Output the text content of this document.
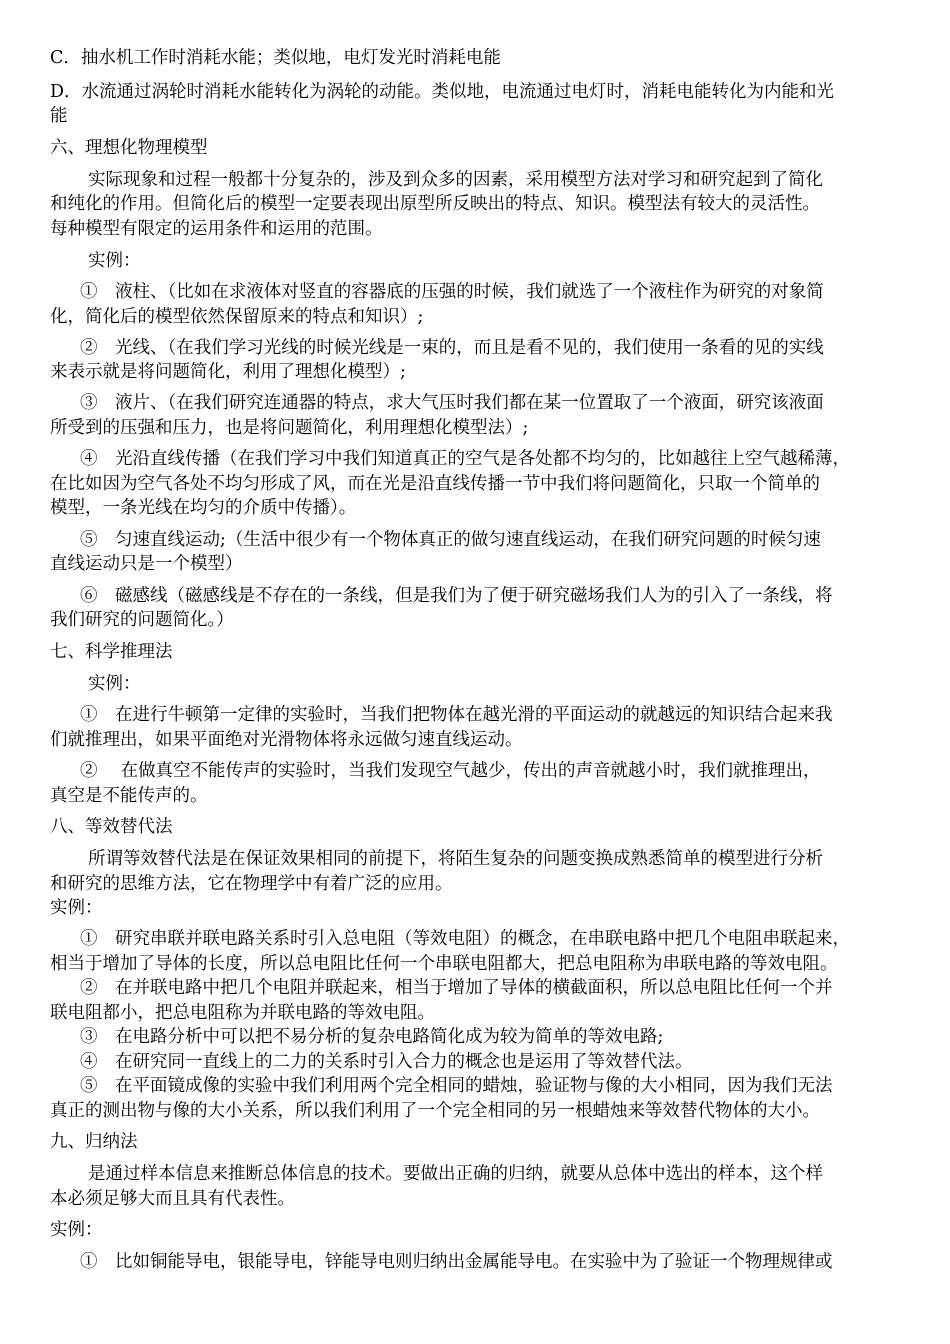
C．抽水机工作时消耗水能；类似地，电灯发光时消耗电能
D．水流通过涡轮时消耗水能转化为涡轮的动能。类似地，电流通过电灯时，消耗电能转化为内能和光
能
六、理想化物理模型
实际现象和过程一般都十分复杂的，涉及到众多的因素，采用模型方法对学习和研究起到了简化
和纯化的作用。但简化后的模型一定要表现出原型所反映出的特点、知识。模型法有较大的灵活性。
每种模型有限定的运用条件和运用的范围。
实例：
①　液柱、（比如在求液体对竖直的容器底的压强的时候，我们就选了一个液柱作为研究的对象简
化，简化后的模型依然保留原来的特点和知识）;
②　光线、（在我们学习光线的时候光线是一束的，而且是看不见的，我们使用一条看的见的实线
来表示就是将问题简化，利用了理想化模型）;
③　液片、（在我们研究连通器的特点，求大气压时我们都在某一位置取了一个液面，研究该液面
所受到的压强和压力，也是将问题简化，利用理想化模型法）;
④　光沿直线传播（在我们学习中我们知道真正的空气是各处都不均匀的，比如越往上空气越稀薄，
在比如因为空气各处不均匀形成了风，而在光是沿直线传播一节中我们将问题简化，只取一个简单的
模型，一条光线在均匀的介质中传播）。
⑤　匀速直线运动;（生活中很少有一个物体真正的做匀速直线运动，在我们研究问题的时候匀速
直线运动只是一个模型）
⑥　磁感线（磁感线是不存在的一条线，但是我们为了便于研究磁场我们人为的引入了一条线，将
我们研究的问题简化。）
七、科学推理法
实例：
①　在进行牛顿第一定律的实验时，当我们把物体在越光滑的平面运动的就越远的知识结合起来我
们就推理出，如果平面绝对光滑物体将永远做匀速直线运动。
②　 在做真空不能传声的实验时，当我们发现空气越少，传出的声音就越小时，我们就推理出，
真空是不能传声的。
八、等效替代法
所谓等效替代法是在保证效果相同的前提下，将陌生复杂的问题变换成熟悉简单的模型进行分析
和研究的思维方法，它在物理学中有着广泛的应用。
实例：
①　研究串联并联电路关系时引入总电阻（等效电阻）的概念，在串联电路中把几个电阻串联起来，
相当于增加了导体的长度，所以总电阻比任何一个串联电阻都大，把总电阻称为串联电路的等效电阻。
②　在并联电路中把几个电阻并联起来，相当于增加了导体的横截面积，所以总电阻比任何一个并
联电阻都小，把总电阻称为并联电路的等效电阻。
③　在电路分析中可以把不易分析的复杂电路简化成为较为简单的等效电路;
④　在研究同一直线上的二力的关系时引入合力的概念也是运用了等效替代法。
⑤　在平面镜成像的实验中我们利用两个完全相同的蜡烛，验证物与像的大小相同，因为我们无法
真正的测出物与像的大小关系，所以我们利用了一个完全相同的另一根蜡烛来等效替代物体的大小。
九、归纳法
是通过样本信息来推断总体信息的技术。要做出正确的归纳，就要从总体中选出的样本，这个样
本必须足够大而且具有代表性。
实例：
①　比如铜能导电，银能导电，锌能导电则归纳出金属能导电。在实验中为了验证一个物理规律或
